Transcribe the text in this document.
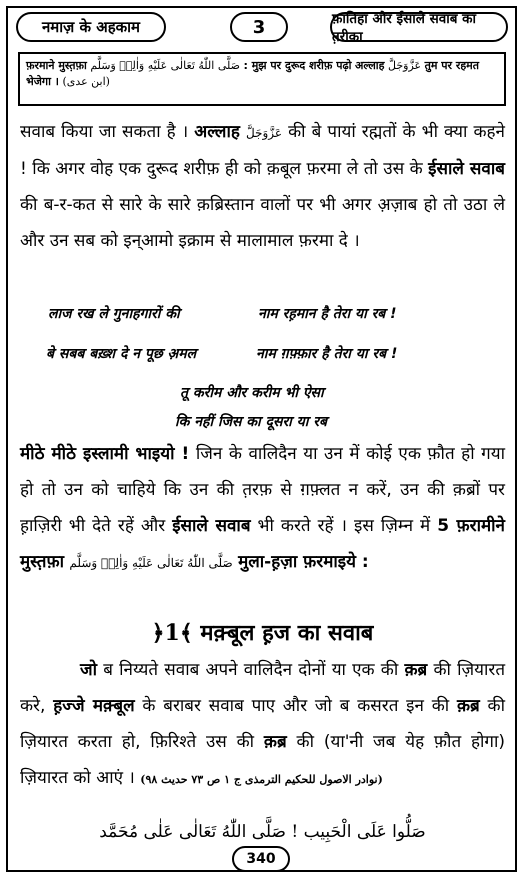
नमाज़ के अहकाम	3	फ़ातिहा और ईसाले सवाब का त़रीक़ा
फ़रमाने मुस्त़फ़ा صَلَّى اللّٰهُ تَعَالٰى عَلَيْهِ وَاٰلِهٖ وَسَلَّم : मुझ पर दुरूद शरीफ़ पढ़ो अल्लाह عَزَّوَجَلَّ तुम पर रहमत भेजेगा । (ابن عدی)
सवाब किया जा सकता है । अल्लाह عَزَّوَجَلَّ की बे पायां रह्मतों के भी क्या कहने ! कि अगर वोह एक दुरूद शरीफ़ ही को क़बूल फ़रमा ले तो उस के ईसाले सवाब की ब-र-कत से सारे के सारे क़ब्रिस्तान वालों पर भी अगर अ़ज़ाब हो तो उठा ले और उन सब को इन्आमो इक्राम से मालामाल फ़रमा दे ।
लाज रख ले गुनाहगारों की	नाम रह़मान है तेरा या रब !
बे सबब बख़्श दे न पूछ अ़मल	नाम ग़फ़्फ़ार है तेरा या रब !
तू करीम और करीम भी ऐसा
कि नहीं जिस का दूसरा या रब
मीठे मीठे इस्लामी भाइयो ! जिन के वालिदैन या उन में कोई एक फ़ौत हो गया हो तो उन को चाहिये कि उन की त़रफ़ से ग़फ़्लत न करें, उन की क़ब्रों पर ह़ाज़िरी भी देते रहें और ईसाले सवाब भी करते रहें । इस ज़िम्न में 5 फ़रामीने मुस्त़फ़ा صَلَّى اللّٰهُ تَعَالٰى عَلَيْهِ وَاٰلِهٖ وَسَلَّم मुला-ह़ज़ा फ़रमाइये :
﴿1﴾ मक़्बूल ह़ज का सवाब
जो ब निय्यते सवाब अपने वालिदैन दोनों या एक की क़ब्र की ज़ियारत करे, ह़ज्जे मक़्बूल के बराबर सवाब पाए और जो ब कसरत इन की क़ब्र की ज़ियारत करता हो, फ़िरिश्ते उस की क़ब्र की (या'नी जब येह फ़ौत होगा) ज़ियारत को आएं । (نوادر الاصول للحکیم الترمذی ج ۱ ص ۷۳ حدیث ۹۸)
صَلُّوا عَلَى الْحَبِيب ! صَلَّى اللّٰهُ تَعَالٰى عَلٰى مُحَمَّد
340
